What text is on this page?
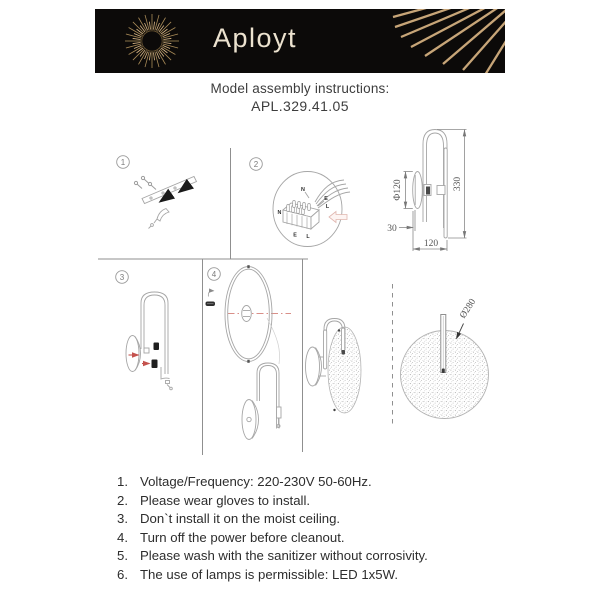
Aployt
Model assembly instructions:
APL.329.41.05
1	2
3	4
N
E
L
N
E L
Φ120	330
30
120
Ø280
1. Voltage/Frequency: 220-230V 50-60Hz.
2. Please wear gloves to install.
3. Don`t install it on the moist ceiling.
4. Turn off the power before cleanout.
5. Please wash with the sanitizer without corrosivity.
6. The use of lamps is permissible: LED 1x5W.
